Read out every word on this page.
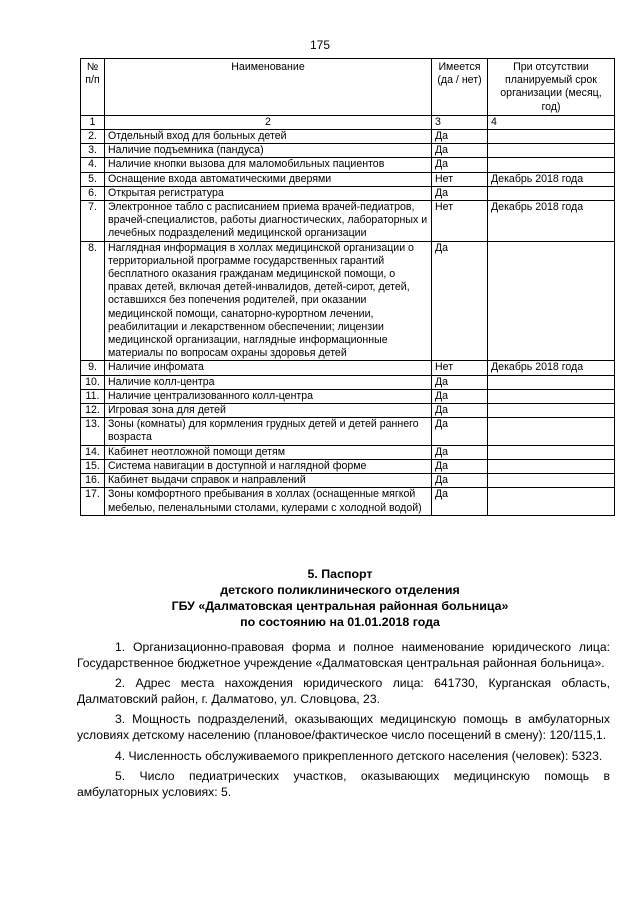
175
№ п/п	Наименование	Имеется (да / нет)	При отсутствии планируемый срок организации (месяц, год)
1	2	3	4
2.	Отдельный вход для больных детей	Да	
3.	Наличие подъемника (пандуса)	Да	
4.	Наличие кнопки вызова для маломобильных пациентов	Да	
5.	Оснащение входа автоматическими дверями	Нет	Декабрь 2018 года
6.	Открытая регистратура	Да	
7.	Электронное табло с расписанием приема врачей-педиатров, врачей-специалистов, работы диагностических, лабораторных и лечебных подразделений медицинской организации	Нет	Декабрь 2018 года
8.	Наглядная информация в холлах медицинской организации о территориальной программе государственных гарантий бесплатного оказания гражданам медицинской помощи, о правах детей, включая детей-инвалидов, детей-сирот, детей, оставшихся без попечения родителей, при оказании медицинской помощи, санаторно-курортном лечении, реабилитации и лекарственном обеспечении; лицензии медицинской организации, наглядные информационные материалы по вопросам охраны здоровья детей	Да	
9.	Наличие инфомата	Нет	Декабрь 2018 года
10.	Наличие колл-центра	Да	
11.	Наличие централизованного колл-центра	Да	
12.	Игровая зона для детей	Да	
13.	Зоны (комнаты) для кормления грудных детей и детей раннего возраста	Да	
14.	Кабинет неотложной помощи детям	Да	
15.	Система навигации в доступной и наглядной форме	Да	
16.	Кабинет выдачи справок и направлений	Да	
17.	Зоны комфортного пребывания в холлах (оснащенные мягкой мебелью, пеленальными столами, кулерами с холодной водой)	Да	
5. Паспорт
детского поликлинического отделения
ГБУ «Далматовская центральная районная больница»
по состоянию на 01.01.2018 года

1. Организационно-правовая форма и полное наименование юридического лица: Государственное бюджетное учреждение «Далматовская центральная районная больница».

2. Адрес места нахождения юридического лица: 641730, Курганская область, Далматовский район, г. Далматово, ул. Словцова, 23.

3. Мощность подразделений, оказывающих медицинскую помощь в амбулаторных условиях детскому населению (плановое/фактическое число посещений в смену): 120/115,1.

4. Численность обслуживаемого прикрепленного детского населения (человек): 5323.

5. Число педиатрических участков, оказывающих медицинскую помощь в амбулаторных условиях: 5.
